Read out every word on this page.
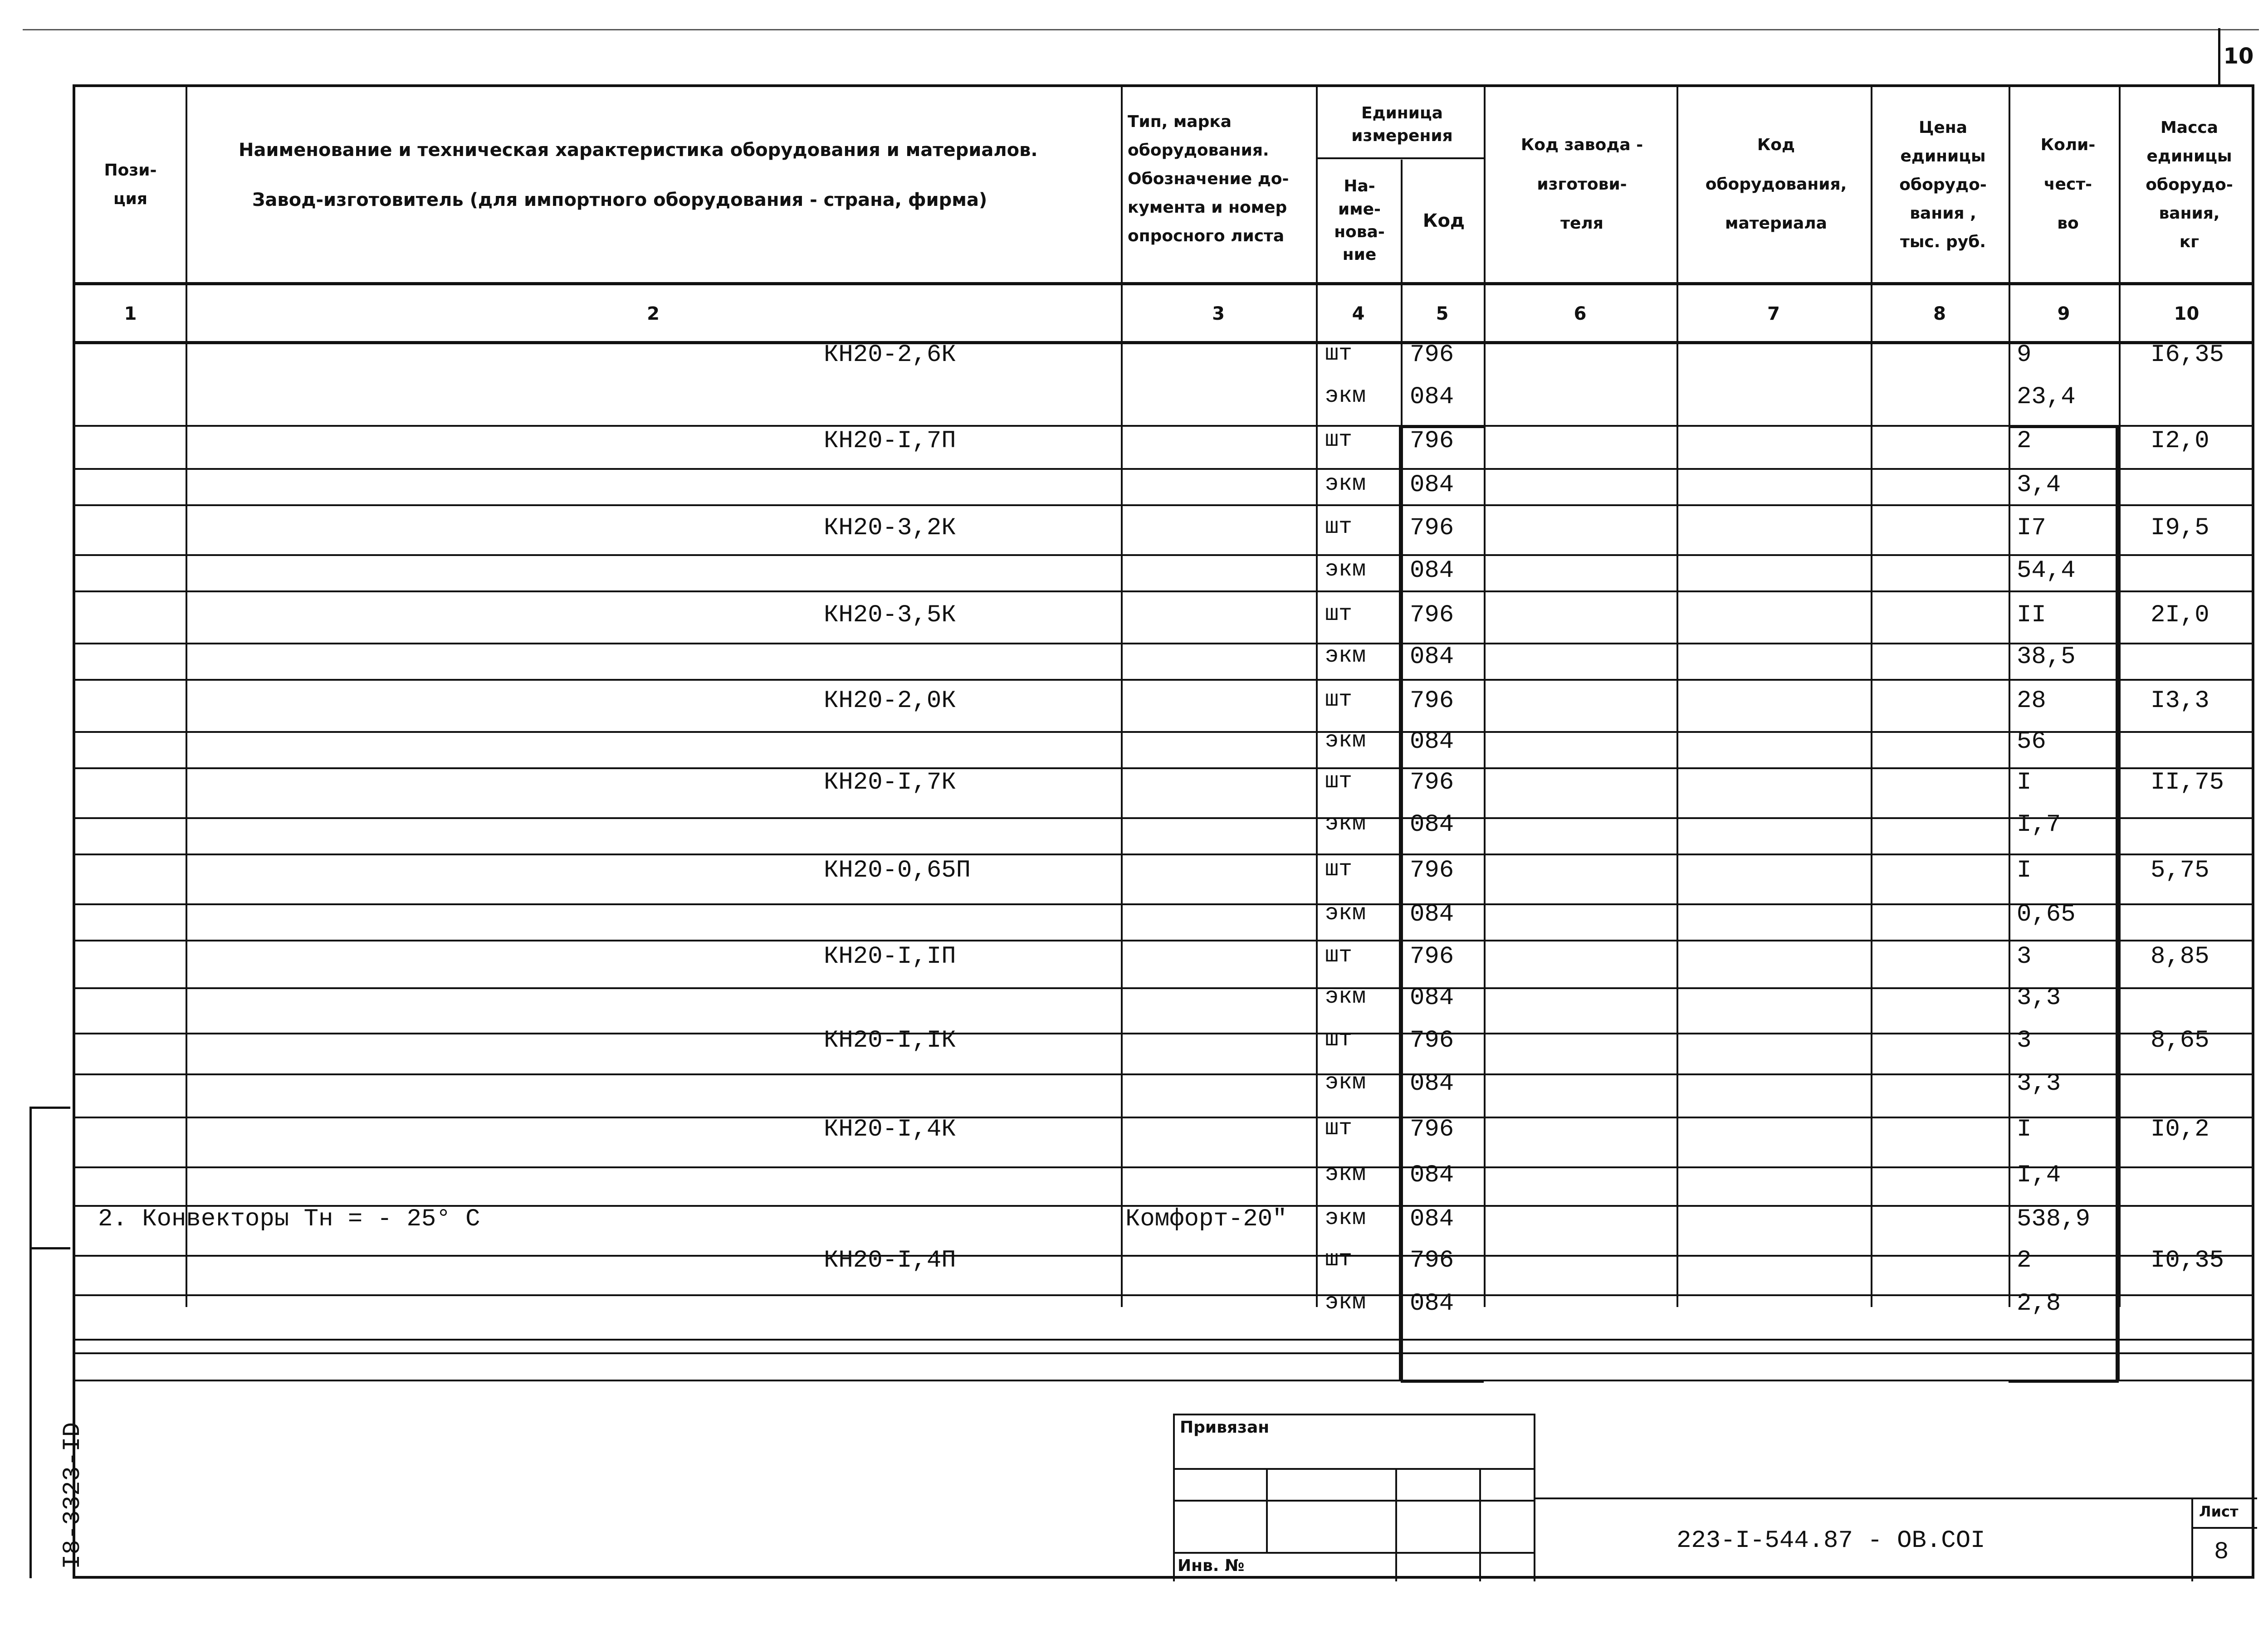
10
I8-3323-ID
Пози-
ция
Наименование и техническая характеристика оборудования и материалов.
Завод-изготовитель (для импортного оборудования - страна, фирма)
Тип, марка
оборудования.
Обозначение до-
кумента и номер
опросного листа
Единица
измерения
На-
име-
нова-
ние
Код
Код завода -
изготови-
теля
Код
оборудования,
материала
Цена
единицы
оборудо-
вания ,
тыс. руб.
Коли-
чест-
во
Масса
единицы
оборудо-
вания,
кг
1	2	3	4	5	6	7	8	9	10
КН20-2,6К	шт 796	9	I6,35
экм 084	23,4
КН20-I,7П	шт 796	2	I2,0
экм 084	3,4
КН20-3,2К	шт 796	I7	I9,5
экм 084	54,4
КН20-3,5К	шт 796	II	2I,0
экм 084	38,5
КН20-2,0К	шт 796	28	I3,3
экм 084	56
КН20-I,7К	шт 796	I	II,75
экм 084	I,7
КН20-0,65П	шт 796	I	5,75
экм 084	0,65
КН20-I,IП	шт 796	3	8,85
экм 084	3,3
КН20-I,IК	шт 796	3	8,65
экм 084	3,3
КН20-I,4К	шт 796	I	I0,2
экм 084	I,4
2. Конвекторы Тн = - 25° С	Комфорт-20" экм 084	538,9
КН20-I,4П	шт 796	2	I0,35
экм 084	2,8
Привязан
Инв. №
223-I-544.87 - ОВ.COI
Лист
8
